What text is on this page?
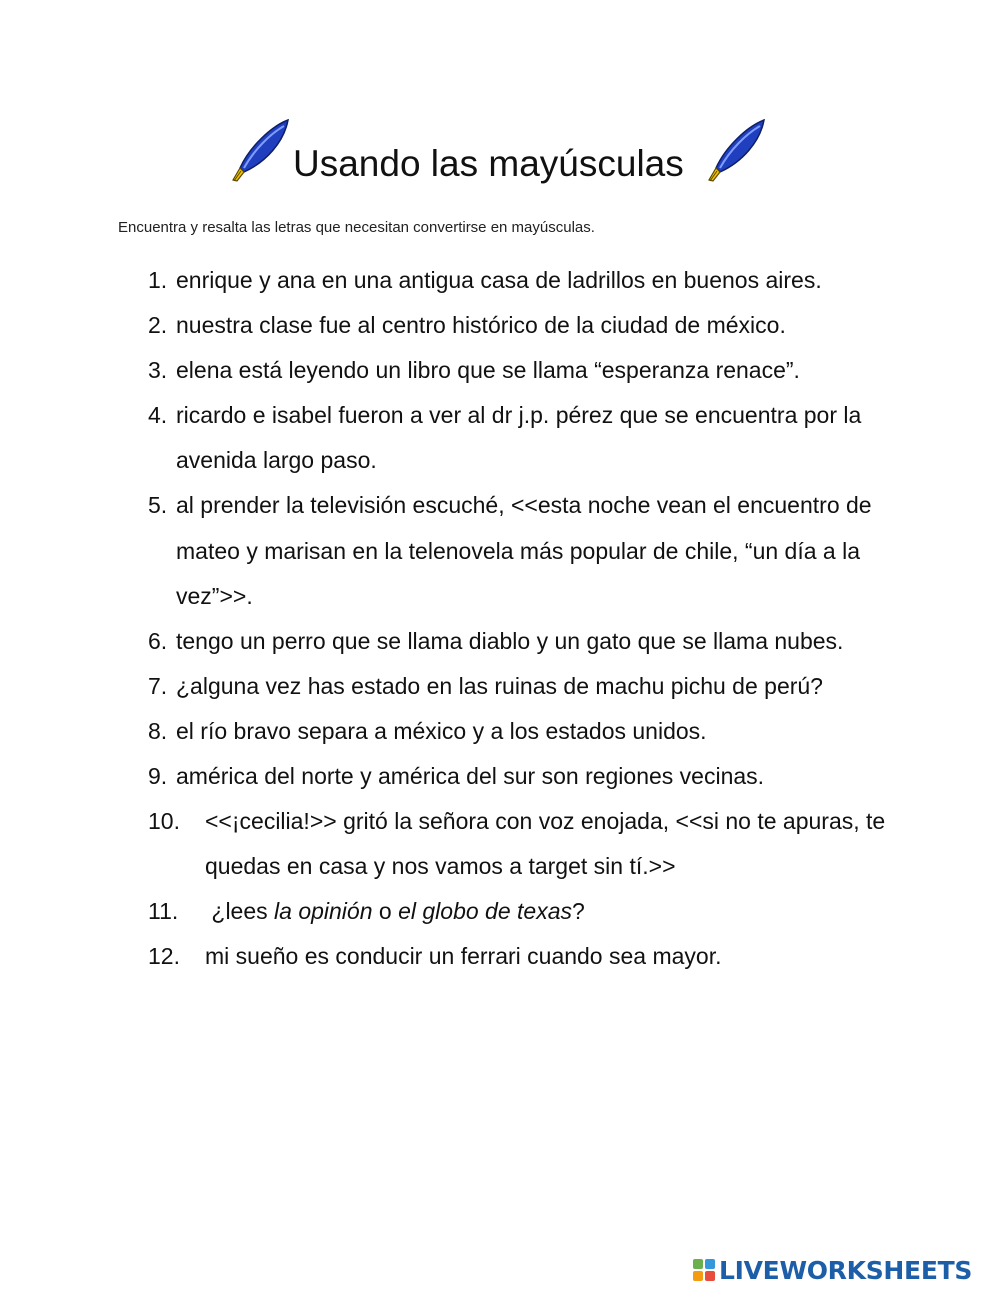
Usando las mayúsculas
Encuentra y resalta las letras que necesitan convertirse en mayúsculas.
1. enrique y ana en una antigua casa de ladrillos en buenos aires.
2. nuestra clase fue al centro histórico de la ciudad de méxico.
3. elena está leyendo un libro que se llama “esperanza renace”.
4. ricardo e isabel fueron a ver al dr j.p. pérez que se encuentra por la avenida largo paso.
5. al prender la televisión escuché, <<esta noche vean el encuentro de mateo y marisan en la telenovela más popular de chile, “un día a la vez”>>.
6. tengo un perro que se llama diablo y un gato que se llama nubes.
7. ¿alguna vez has estado en las ruinas de machu pichu de perú?
8. el río bravo separa a méxico y a los estados unidos.
9. américa del norte y américa del sur son regiones vecinas.
10.	<<¡cecilia!>> gritó la señora con voz enojada, <<si no te apuras, te quedas en casa y nos vamos a target sin tí.>>
11.	¿lees la opinión o el globo de texas?
12.	mi sueño es conducir un ferrari cuando sea mayor.
LIVEWORKSHEETS
